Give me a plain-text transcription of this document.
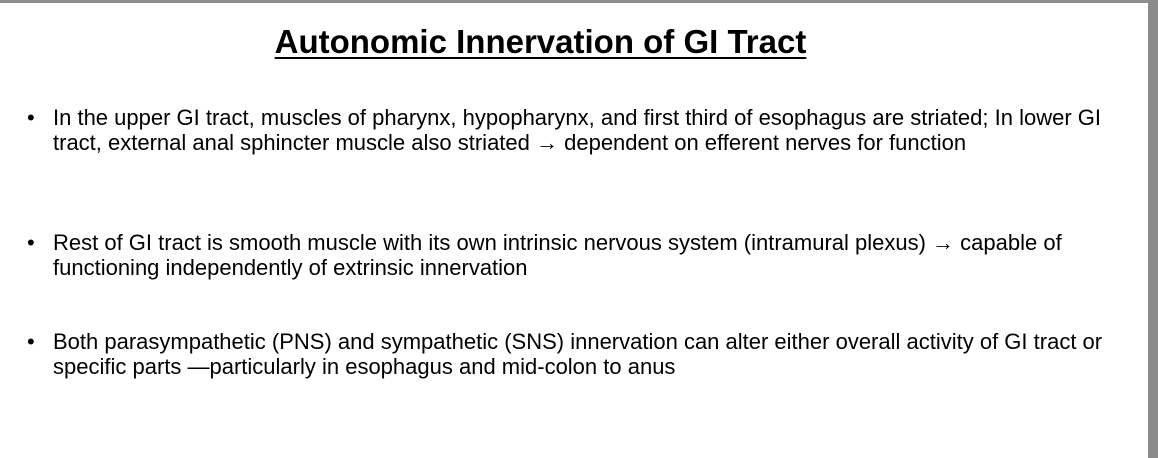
Autonomic Innervation of GI Tract
• In the upper GI tract, muscles of pharynx, hypopharynx, and first third of esophagus are striated; In lower GI tract, external anal sphincter muscle also striated → dependent on efferent nerves for function
• Rest of GI tract is smooth muscle with its own intrinsic nervous system (intramural plexus) → capable of functioning independently of extrinsic innervation
• Both parasympathetic (PNS) and sympathetic (SNS) innervation can alter either overall activity of GI tract or specific parts —particularly in esophagus and mid-colon to anus
